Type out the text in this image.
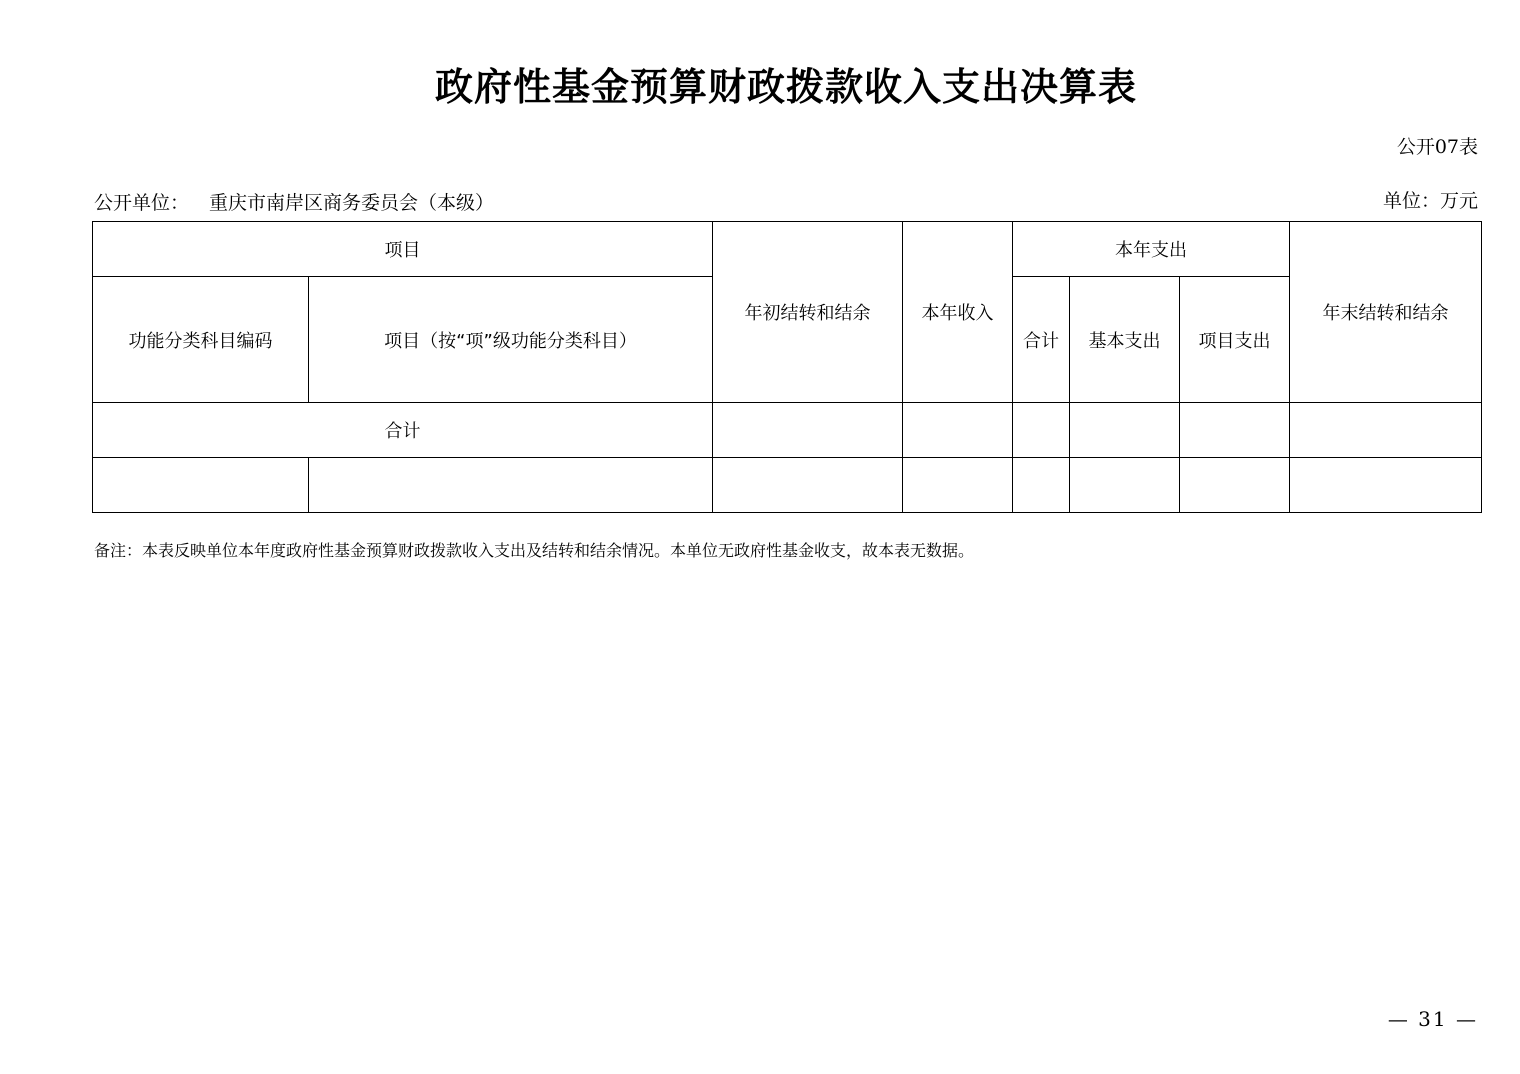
政府性基金预算财政拨款收入支出决算表
公开07表
公开单位： 重庆市南岸区商务委员会（本级）	单位：万元
项目		年初结转和结余	本年收入	本年支出			年末结转和结余
功能分类科目编码	项目（按“项”级功能分类科目）			合计	基本支出	项目支出	
合计							

备注：本表反映单位本年度政府性基金预算财政拨款收入支出及结转和结余情况。本单位无政府性基金收支，故本表无数据。
— 31 —
